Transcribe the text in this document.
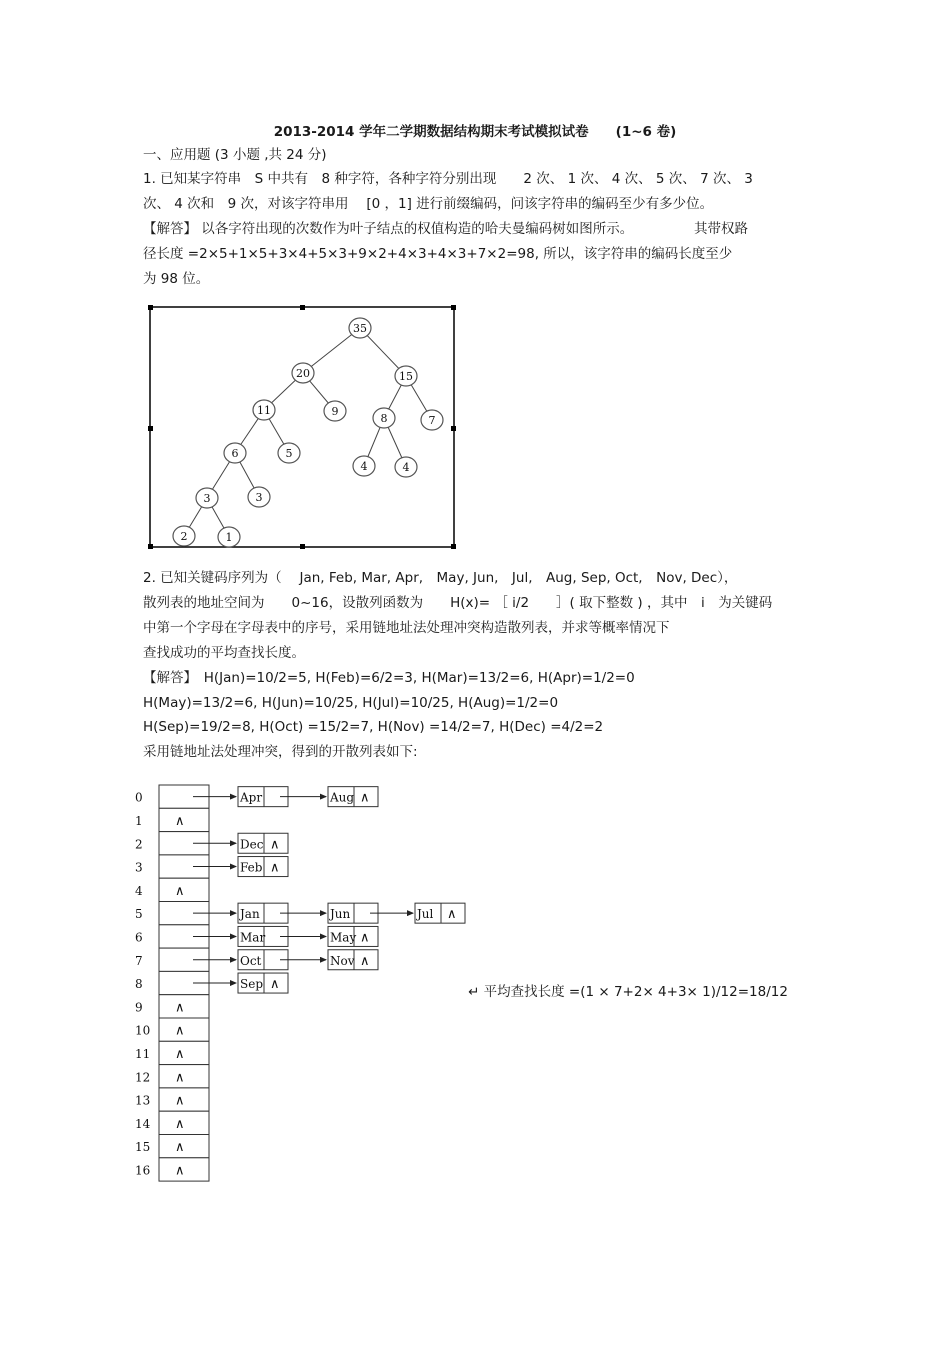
2013-2014 学年二学期数据结构期末考试模拟试卷　　(1~6 卷)
一、应用题 (3 小题 ,共 24 分)
1. 已知某字符串　S 中共有　8 种字符，各种字符分别出现　　2 次、 1 次、 4 次、 5 次、 7 次、 3
次、 4 次和　9 次，对该字符串用　 [0 ，1] 进行前缀编码，问该字符串的编码至少有多少位。
【解答】 以各字符出现的次数作为叶子结点的权值构造的哈夫曼编码树如图所示。　　　　　其带权路
径长度 =2×5+1×5+3×4+5×3+9×2+4×3+4×3+7×2=98, 所以，该字符串的编码长度至少
为 98 位。
35
20	15
11	9
8	7
6	5
4	4
3	3
2	1
2. 已知关键码序列为（　 Jan, Feb, Mar, Apr,　May, Jun,　Jul,　Aug, Sep, Oct,　Nov, Dec），
散列表的地址空间为　　0~16，设散列函数为　　H(x)= ［ i/2　　］( 取下整数 ) ，其中　i　为关键码
中第一个字母在字母表中的序号，采用链地址法处理冲突构造散列表，并求等概率情况下
查找成功的平均查找长度。
【解答】　H(Jan)=10/2=5, H(Feb)=6/2=3, H(Mar)=13/2=6, H(Apr)=1/2=0
H(May)=13/2=6, H(Jun)=10/25, H(Jul)=10/25, H(Aug)=1/2=0
H(Sep)=19/2=8, H(Oct) =15/2=7, H(Nov) =14/2=7, H(Dec) =4/2=2
采用链地址法处理冲突，得到的开散列表如下:
0	Apr	Aug ∧
1 ∧
2	Dec ∧
3	Feb ∧
4 ∧
5	Jan	Jun	Jul ∧
6	Mar	May ∧
7	Oct	Nov ∧
8	Sep ∧
9 ∧
10 ∧
11 ∧
12 ∧
13 ∧
14 ∧
15 ∧
16 ∧
↵ 平均查找长度 =(1 × 7+2× 4+3× 1)/12=18/12
